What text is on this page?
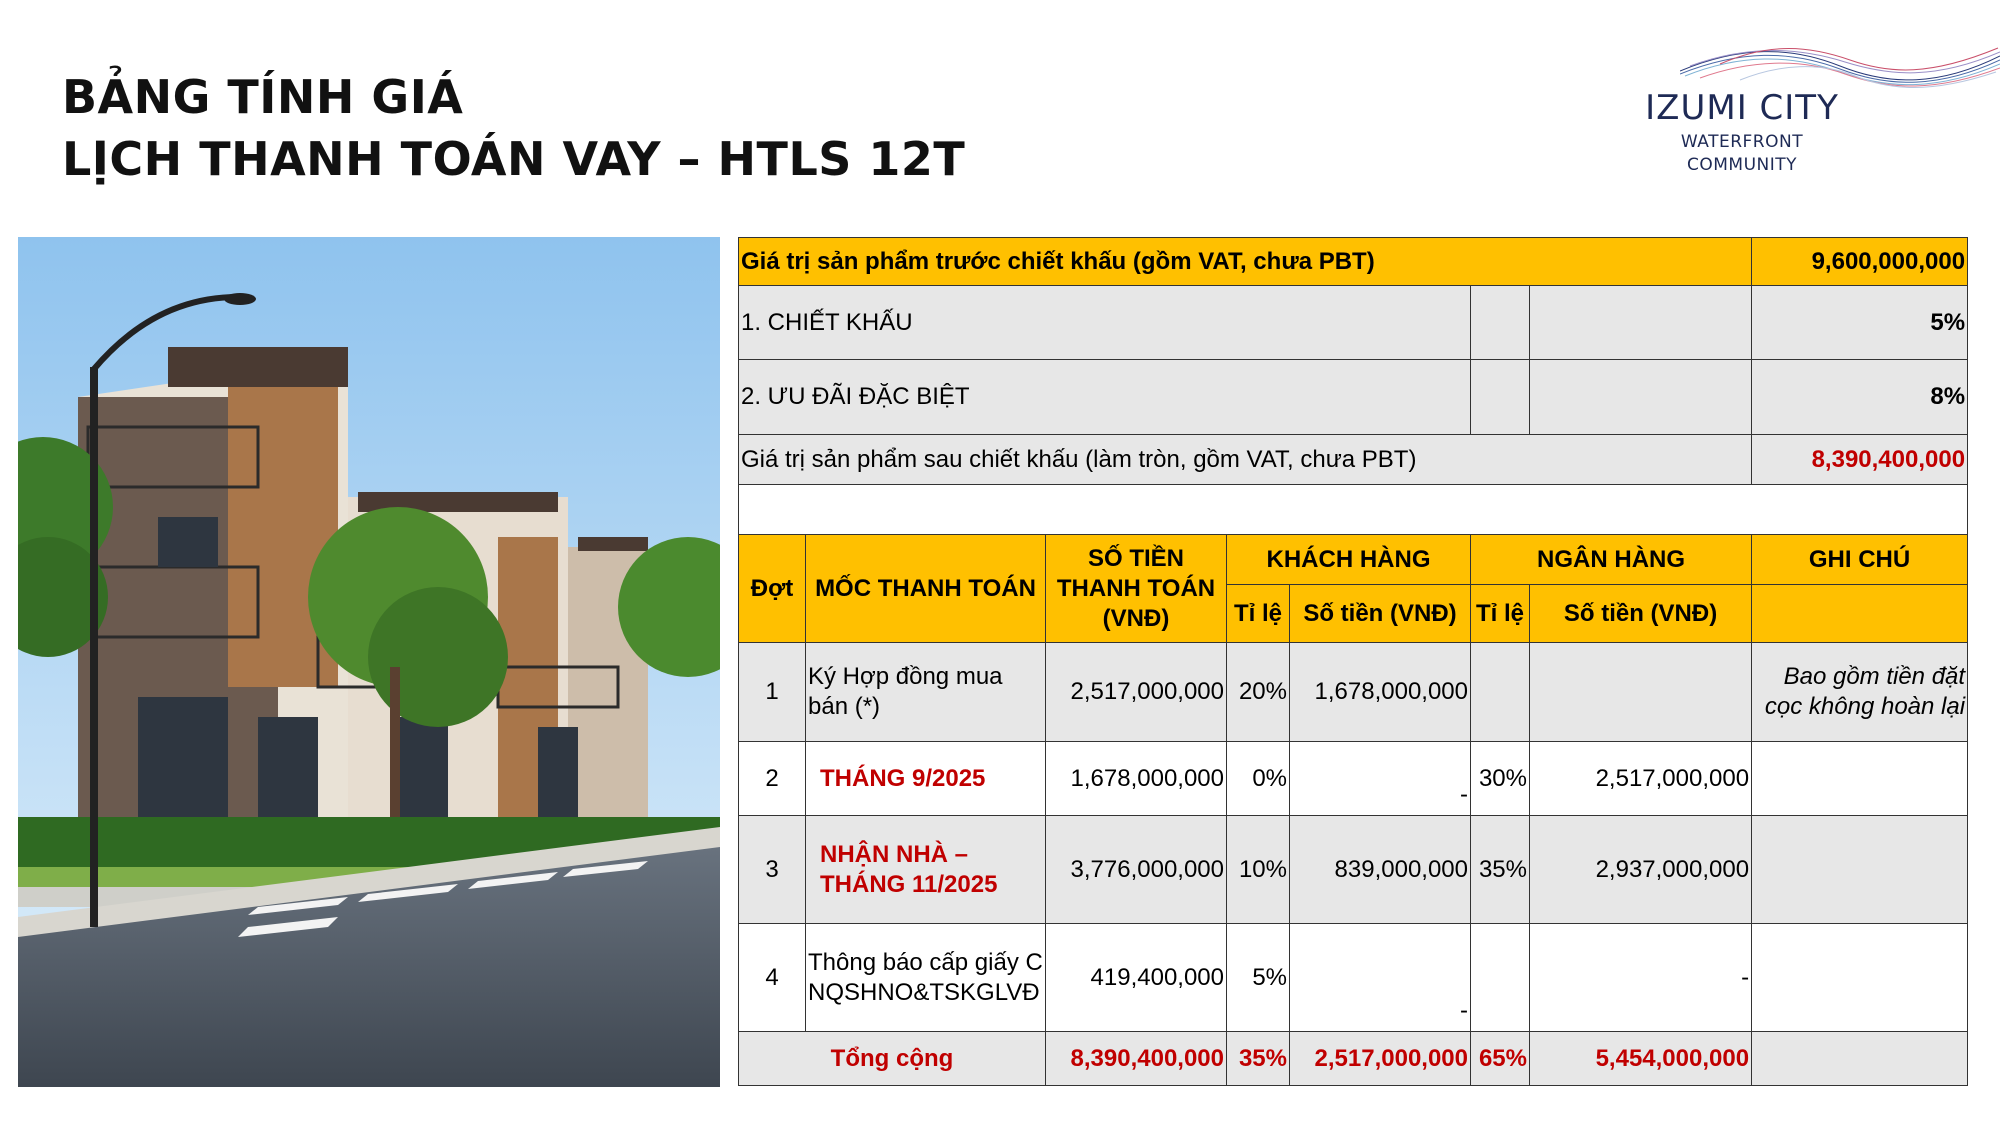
BẢNG TÍNH GIÁ
LỊCH THANH TOÁN VAY – HTLS 12T
IZUMI CITY
WATERFRONT
COMMUNITY
Giá trị sản phẩm trước chiết khấu (gồm VAT, chưa PBT)							9,600,000,000
1. CHIẾT KHẤU							5%
2. ƯU ĐÃI ĐẶC BIỆT							8%
Giá trị sản phẩm sau chiết khấu (làm tròn, gồm VAT, chưa PBT)							8,390,400,000

Đợt	MỐC THANH TOÁN	SỐ TIỀN THANH TOÁN (VNĐ)	KHÁCH HÀNG		NGÂN HÀNG		GHI CHÚ
			Tỉ lệ	Số tiền (VNĐ)	Tỉ lệ	Số tiền (VNĐ)	
1	Ký Hợp đồng mua bán (*)	2,517,000,000	20%	1,678,000,000			Bao gồm tiền đặt cọc không hoàn lại
2	THÁNG 9/2025	1,678,000,000	0%	-	30%	2,517,000,000	
3	NHẬN NHÀ – THÁNG 11/2025	3,776,000,000	10%	839,000,000	35%	2,937,000,000	
4	Thông báo cấp giấy CNQSHNO&TSKGLVĐ	419,400,000	5%	-		-	
Tổng cộng		8,390,400,000	35%	2,517,000,000	65%	5,454,000,000	
